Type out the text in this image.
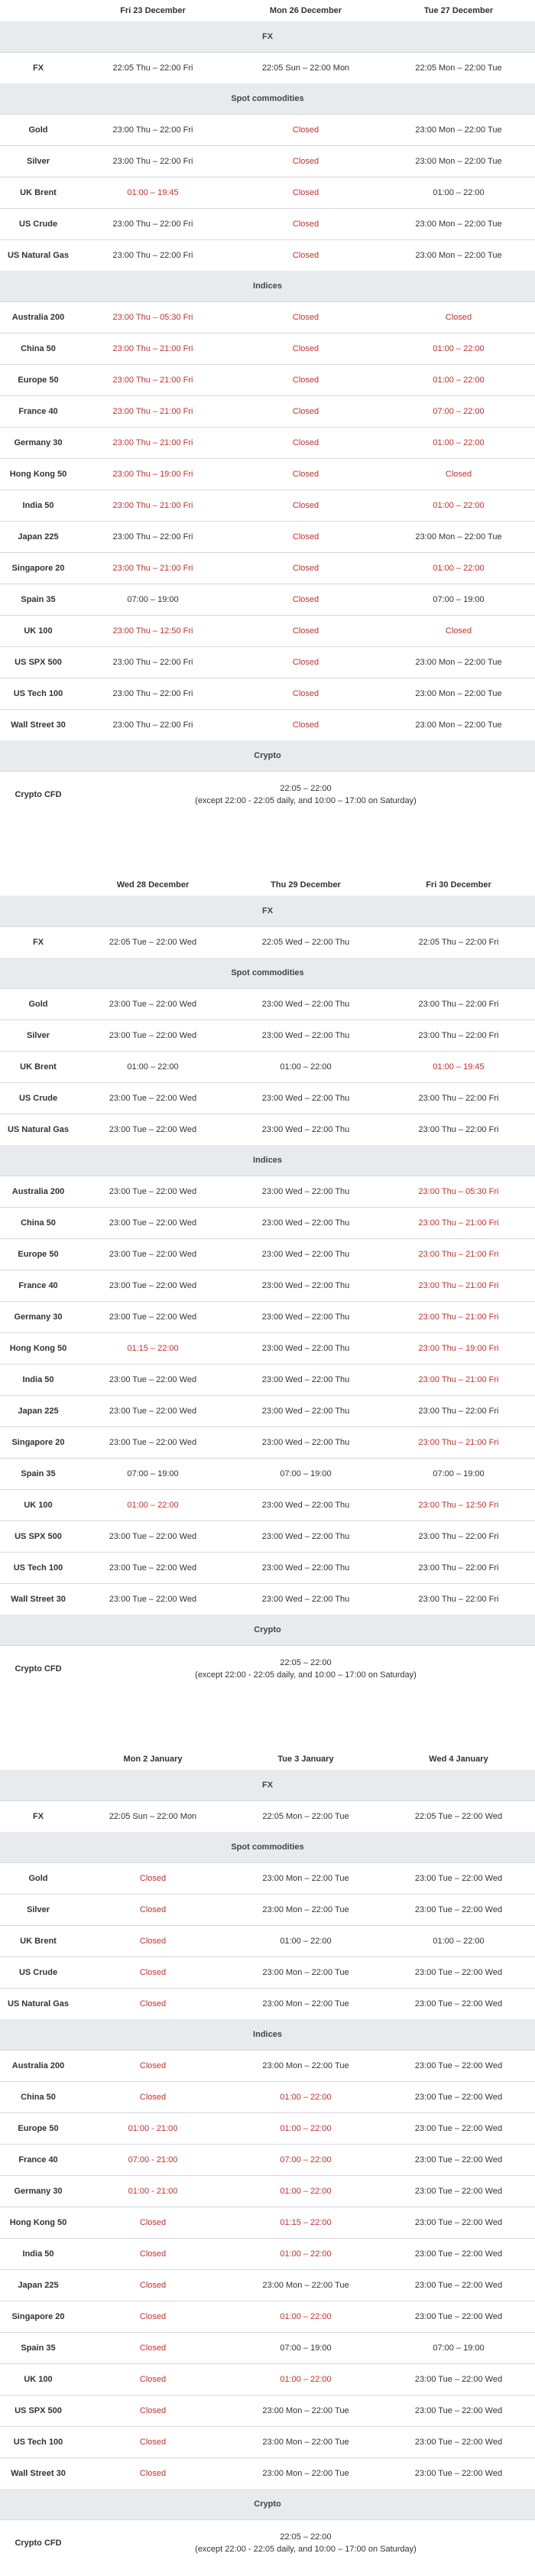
	Fri 23 December	Mon 26 December	Tue 27 December
FX			
FX	22:05 Thu – 22:00 Fri	22:05 Sun – 22:00 Mon	22:05 Mon – 22:00 Tue
Spot commodities			
Gold	23:00 Thu – 22:00 Fri	Closed	23:00 Mon – 22:00 Tue
Silver	23:00 Thu – 22:00 Fri	Closed	23:00 Mon – 22:00 Tue
UK Brent	01:00 – 19:45	Closed	01:00 – 22:00
US Crude	23:00 Thu – 22:00 Fri	Closed	23:00 Mon – 22:00 Tue
US Natural Gas	23:00 Thu – 22:00 Fri	Closed	23:00 Mon – 22:00 Tue
Indices			
Australia 200	23:00 Thu – 05:30 Fri	Closed	Closed
China 50	23:00 Thu – 21:00 Fri	Closed	01:00 – 22:00
Europe 50	23:00 Thu – 21:00 Fri	Closed	01:00 – 22:00
France 40	23:00 Thu – 21:00 Fri	Closed	07:00 – 22:00
Germany 30	23:00 Thu – 21:00 Fri	Closed	01:00 – 22:00
Hong Kong 50	23:00 Thu – 19:00 Fri	Closed	Closed
India 50	23:00 Thu – 21:00 Fri	Closed	01:00 – 22:00
Japan 225	23:00 Thu – 22:00 Fri	Closed	23:00 Mon – 22:00 Tue
Singapore 20	23:00 Thu – 21:00 Fri	Closed	01:00 – 22:00
Spain 35	07:00 – 19:00	Closed	07:00 – 19:00
UK 100	23:00 Thu – 12:50 Fri	Closed	Closed
US SPX 500	23:00 Thu – 22:00 Fri	Closed	23:00 Mon – 22:00 Tue
US Tech 100	23:00 Thu – 22:00 Fri	Closed	23:00 Mon – 22:00 Tue
Wall Street 30	23:00 Thu – 22:00 Fri	Closed	23:00 Mon – 22:00 Tue
Crypto			
Crypto CFD	22:05 – 22:00
(except 22:00 - 22:05 daily, and 10:00 – 17:00 on Saturday)		
	Wed 28 December	Thu 29 December	Fri 30 December
FX			
FX	22:05 Tue – 22:00 Wed	22:05 Wed – 22:00 Thu	22:05 Thu – 22:00 Fri
Spot commodities			
Gold	23:00 Tue – 22:00 Wed	23:00 Wed – 22:00 Thu	23:00 Thu – 22:00 Fri
Silver	23:00 Tue – 22:00 Wed	23:00 Wed – 22:00 Thu	23:00 Thu – 22:00 Fri
UK Brent	01:00 – 22:00	01:00 – 22:00	01:00 – 19:45
US Crude	23:00 Tue – 22:00 Wed	23:00 Wed – 22:00 Thu	23:00 Thu – 22:00 Fri
US Natural Gas	23:00 Tue – 22:00 Wed	23:00 Wed – 22:00 Thu	23:00 Thu – 22:00 Fri
Indices			
Australia 200	23:00 Tue – 22:00 Wed	23:00 Wed – 22:00 Thu	23:00 Thu – 05:30 Fri
China 50	23:00 Tue – 22:00 Wed	23:00 Wed – 22:00 Thu	23:00 Thu – 21:00 Fri
Europe 50	23:00 Tue – 22:00 Wed	23:00 Wed – 22:00 Thu	23:00 Thu – 21:00 Fri
France 40	23:00 Tue – 22:00 Wed	23:00 Wed – 22:00 Thu	23:00 Thu – 21:00 Fri
Germany 30	23:00 Tue – 22:00 Wed	23:00 Wed – 22:00 Thu	23:00 Thu – 21:00 Fri
Hong Kong 50	01:15 – 22:00	23:00 Wed – 22:00 Thu	23:00 Thu – 19:00 Fri
India 50	23:00 Tue – 22:00 Wed	23:00 Wed – 22:00 Thu	23:00 Thu – 21:00 Fri
Japan 225	23:00 Tue – 22:00 Wed	23:00 Wed – 22:00 Thu	23:00 Thu – 22:00 Fri
Singapore 20	23:00 Tue – 22:00 Wed	23:00 Wed – 22:00 Thu	23:00 Thu – 21:00 Fri
Spain 35	07:00 – 19:00	07:00 – 19:00	07:00 – 19:00
UK 100	01:00 – 22:00	23:00 Wed – 22:00 Thu	23:00 Thu – 12:50 Fri
US SPX 500	23:00 Tue – 22:00 Wed	23:00 Wed – 22:00 Thu	23:00 Thu – 22:00 Fri
US Tech 100	23:00 Tue – 22:00 Wed	23:00 Wed – 22:00 Thu	23:00 Thu – 22:00 Fri
Wall Street 30	23:00 Tue – 22:00 Wed	23:00 Wed – 22:00 Thu	23:00 Thu – 22:00 Fri
Crypto			
Crypto CFD	22:05 – 22:00
(except 22:00 - 22:05 daily, and 10:00 – 17:00 on Saturday)		
	Mon 2 January	Tue 3 January	Wed 4 January
FX			
FX	22:05 Sun – 22:00 Mon	22:05 Mon – 22:00 Tue	22:05 Tue – 22:00 Wed
Spot commodities			
Gold	Closed	23:00 Mon – 22:00 Tue	23:00 Tue – 22:00 Wed
Silver	Closed	23:00 Mon – 22:00 Tue	23:00 Tue – 22:00 Wed
UK Brent	Closed	01:00 – 22:00	01:00 – 22:00
US Crude	Closed	23:00 Mon – 22:00 Tue	23:00 Tue – 22:00 Wed
US Natural Gas	Closed	23:00 Mon – 22:00 Tue	23:00 Tue – 22:00 Wed
Indices			
Australia 200	Closed	23:00 Mon – 22:00 Tue	23:00 Tue – 22:00 Wed
China 50	Closed	01:00 – 22:00	23:00 Tue – 22:00 Wed
Europe 50	01:00 - 21:00	01:00 – 22:00	23:00 Tue – 22:00 Wed
France 40	07:00 - 21:00	07:00 – 22:00	23:00 Tue – 22:00 Wed
Germany 30	01:00 - 21:00	01:00 – 22:00	23:00 Tue – 22:00 Wed
Hong Kong 50	Closed	01:15 – 22:00	23:00 Tue – 22:00 Wed
India 50	Closed	01:00 – 22:00	23:00 Tue – 22:00 Wed
Japan 225	Closed	23:00 Mon – 22:00 Tue	23:00 Tue – 22:00 Wed
Singapore 20	Closed	01:00 – 22:00	23:00 Tue – 22:00 Wed
Spain 35	Closed	07:00 – 19:00	07:00 – 19:00
UK 100	Closed	01:00 – 22:00	23:00 Tue – 22:00 Wed
US SPX 500	Closed	23:00 Mon – 22:00 Tue	23:00 Tue – 22:00 Wed
US Tech 100	Closed	23:00 Mon – 22:00 Tue	23:00 Tue – 22:00 Wed
Wall Street 30	Closed	23:00 Mon – 22:00 Tue	23:00 Tue – 22:00 Wed
Crypto			
Crypto CFD	22:05 – 22:00
(except 22:00 - 22:05 daily, and 10:00 – 17:00 on Saturday)		
